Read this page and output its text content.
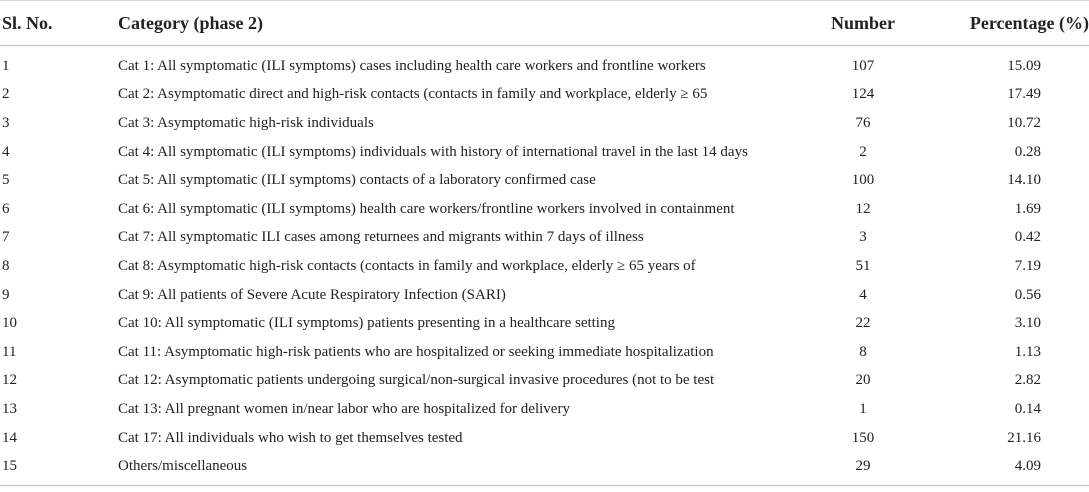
Sl. No.	Category (phase 2)	Number	Percentage (%)
1	Cat 1: All symptomatic (ILI symptoms) cases including health care workers and frontline workers	107	15.09
2	Cat 2: Asymptomatic direct and high-risk contacts (contacts in family and workplace, elderly ≥ 65	124	17.49
3	Cat 3: Asymptomatic high-risk individuals	76	10.72
4	Cat 4: All symptomatic (ILI symptoms) individuals with history of international travel in the last 14 days	2	0.28
5	Cat 5: All symptomatic (ILI symptoms) contacts of a laboratory confirmed case	100	14.10
6	Cat 6: All symptomatic (ILI symptoms) health care workers/frontline workers involved in containment	12	1.69
7	Cat 7: All symptomatic ILI cases among returnees and migrants within 7 days of illness	3	0.42
8	Cat 8: Asymptomatic high-risk contacts (contacts in family and workplace, elderly ≥ 65 years of	51	7.19
9	Cat 9: All patients of Severe Acute Respiratory Infection (SARI)	4	0.56
10	Cat 10: All symptomatic (ILI symptoms) patients presenting in a healthcare setting	22	3.10
11	Cat 11: Asymptomatic high-risk patients who are hospitalized or seeking immediate hospitalization	8	1.13
12	Cat 12: Asymptomatic patients undergoing surgical/non-surgical invasive procedures (not to be test	20	2.82
13	Cat 13: All pregnant women in/near labor who are hospitalized for delivery	1	0.14
14	Cat 17: All individuals who wish to get themselves tested	150	21.16
15	Others/miscellaneous	29	4.09
